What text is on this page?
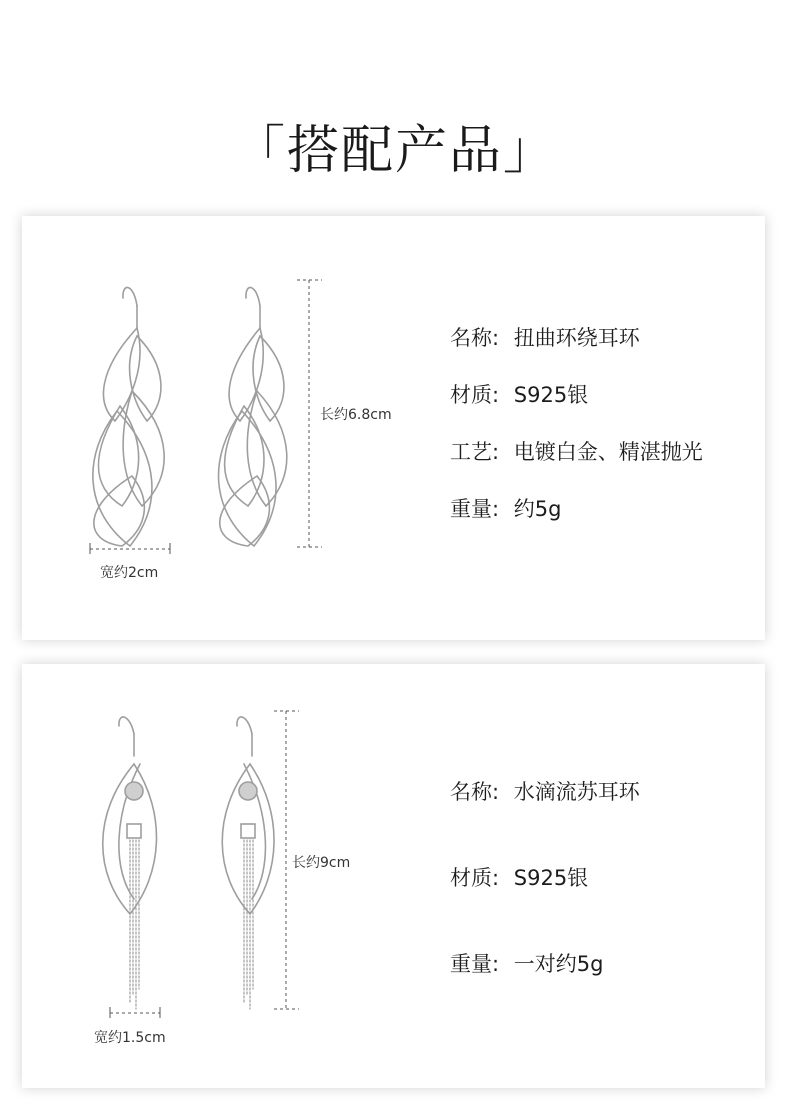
「搭配产品」
长约6.8cm
宽约2cm
名称: 扭曲环绕耳环
材质: S925银
工艺: 电镀白金、精湛抛光
重量: 约5g
长约9cm
宽约1.5cm
名称: 水滴流苏耳环
材质: S925银
重量: 一对约5g
